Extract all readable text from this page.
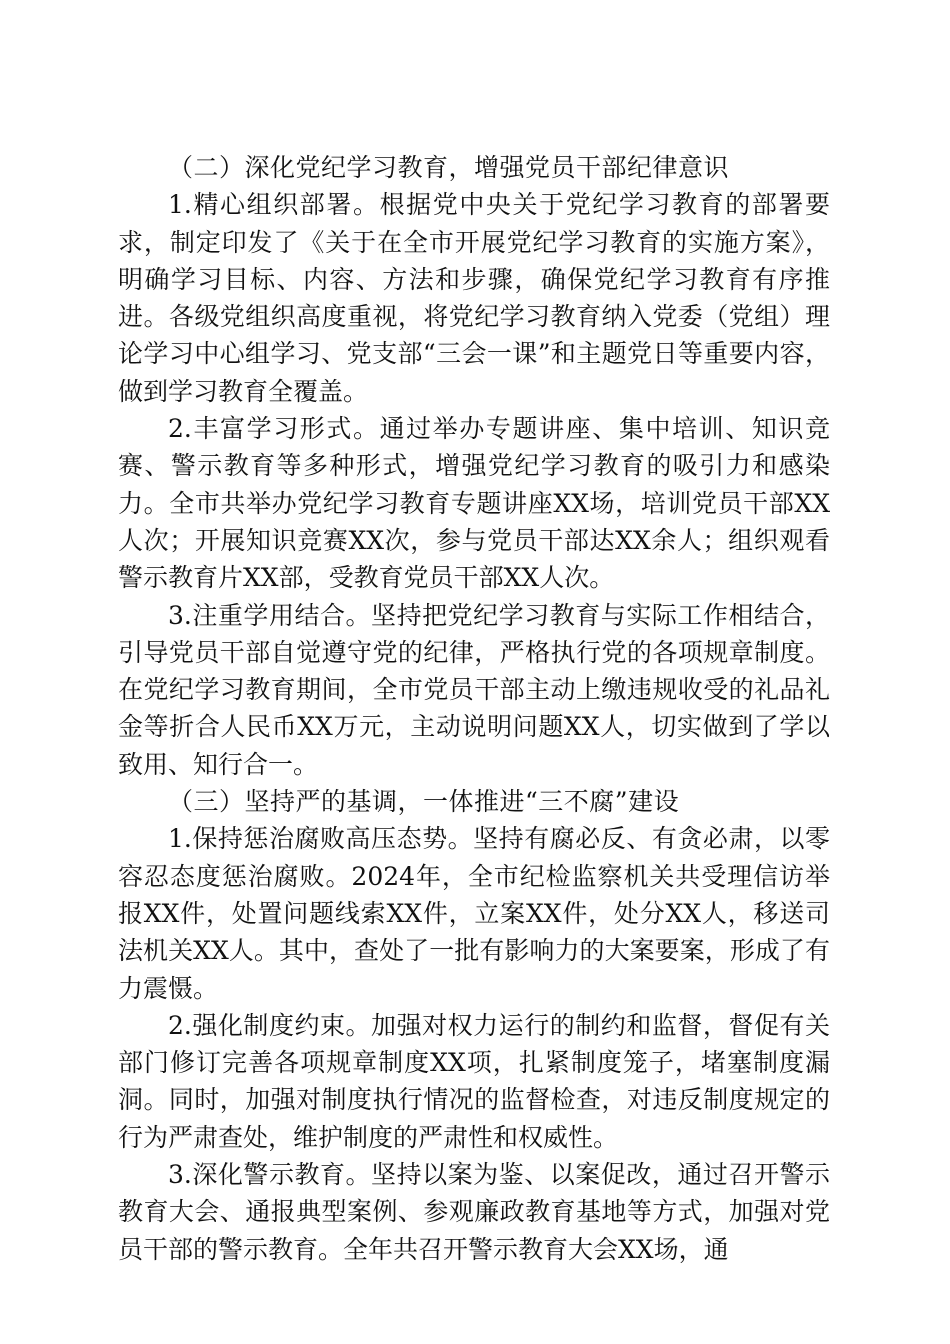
（二）深化党纪学习教育，增强党员干部纪律意识

1.精心组织部署。根据党中央关于党纪学习教育的部署要求，制定印发了《关于在全市开展党纪学习教育的实施方案》，明确学习目标、内容、方法和步骤，确保党纪学习教育有序推进。各级党组织高度重视，将党纪学习教育纳入党委（党组）理论学习中心组学习、党支部“三会一课”和主题党日等重要内容，做到学习教育全覆盖。

2.丰富学习形式。通过举办专题讲座、集中培训、知识竞赛、警示教育等多种形式，增强党纪学习教育的吸引力和感染力。全市共举办党纪学习教育专题讲座XX场，培训党员干部XX人次；开展知识竞赛XX次，参与党员干部达XX余人；组织观看警示教育片XX部，受教育党员干部XX人次。

3.注重学用结合。坚持把党纪学习教育与实际工作相结合，引导党员干部自觉遵守党的纪律，严格执行党的各项规章制度。在党纪学习教育期间，全市党员干部主动上缴违规收受的礼品礼金等折合人民币XX万元，主动说明问题XX人，切实做到了学以致用、知行合一。

（三）坚持严的基调，一体推进“三不腐”建设

1.保持惩治腐败高压态势。坚持有腐必反、有贪必肃，以零容忍态度惩治腐败。2024年，全市纪检监察机关共受理信访举报XX件，处置问题线索XX件，立案XX件，处分XX人，移送司法机关XX人。其中，查处了一批有影响力的大案要案，形成了有力震慑。

2.强化制度约束。加强对权力运行的制约和监督，督促有关部门修订完善各项规章制度XX项，扎紧制度笼子，堵塞制度漏洞。同时，加强对制度执行情况的监督检查，对违反制度规定的行为严肃查处，维护制度的严肃性和权威性。

3.深化警示教育。坚持以案为鉴、以案促改，通过召开警示教育大会、通报典型案例、参观廉政教育基地等方式，加强对党员干部的警示教育。全年共召开警示教育大会XX场，通
